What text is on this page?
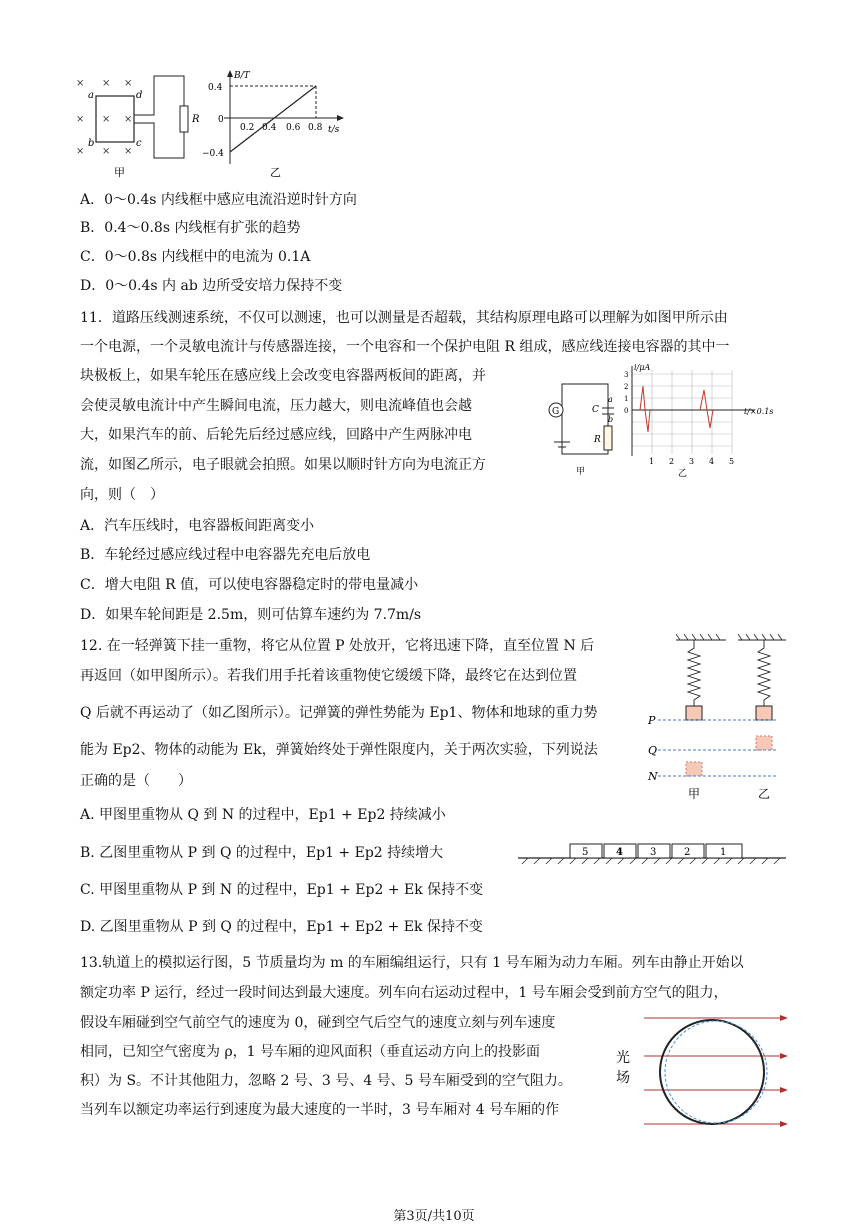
× × ×
× × ×
× × ×
a
b
d
c
R
甲
B/T
t/s
0.4
0
−0.4
0.2 0.4 0.6 0.8
乙
A．0～0.4s 内线框中感应电流沿逆时针方向
B．0.4～0.8s 内线框有扩张的趋势
C．0～0.8s 内线框中的电流为 0.1A
D．0～0.4s 内 ab 边所受安培力保持不变
11．道路压线测速系统，不仅可以测速，也可以测量是否超载，其结构原理电路可以理解为如图甲所示由
一个电源，一个灵敏电流计与传感器连接，一个电容和一个保护电阻 R 组成，感应线连接电容器的其中一
块极板上，如果车轮压在感应线上会改变电容器两板间的距离，并
会使灵敏电流计中产生瞬间电流，压力越大，则电流峰值也会越
大，如果汽车的前、后轮先后经过感应线，回路中产生两脉冲电
流，如图乙所示，电子眼就会拍照。如果以顺时针方向为电流正方
向，则（　）
G	C
a
b
R
甲
i/μA
t/×0.1s
3
2
1
0
1 2 3 4 5
乙
A．汽车压线时，电容器板间距离变小
B．车轮经过感应线过程中电容器先充电后放电
C．增大电阻 R 值，可以使电容器稳定时的带电量减小
D．如果车轮间距是 2.5m，则可估算车速约为 7.7m/s
12. 在一轻弹簧下挂一重物，将它从位置 P 处放开，它将迅速下降，直至位置 N 后
再返回（如甲图所示）。若我们用手托着该重物使它缓缓下降，最终它在达到位置
Q 后就不再运动了（如乙图所示）。记弹簧的弹性势能为 Ep1、物体和地球的重力势
能为 Ep2、物体的动能为 Ek，弹簧始终处于弹性限度内，关于两次实验，下列说法
正确的是（　　）
P
Q
N
甲	乙
A. 甲图里重物从 Q 到 N 的过程中，Ep1 + Ep2 持续减小
B. 乙图里重物从 P 到 Q 的过程中，Ep1 + Ep2 持续增大
C. 甲图里重物从 P 到 N 的过程中，Ep1 + Ep2 + Ek 保持不变
D. 乙图里重物从 P 到 Q 的过程中，Ep1 + Ep2 + Ek 保持不变
5	4	3	2	1
13.轨道上的模拟运行图，5 节质量均为 m 的车厢编组运行，只有 1 号车厢为动力车厢。列车由静止开始以
额定功率 P 运行，经过一段时间达到最大速度。列车向右运动过程中，1 号车厢会受到前方空气的阻力，
假设车厢碰到空气前空气的速度为 0，碰到空气后空气的速度立刻与列车速度
相同，已知空气密度为 ρ，1 号车厢的迎风面积（垂直运动方向上的投影面
积）为 S。不计其他阻力，忽略 2 号、3 号、4 号、5 号车厢受到的空气阻力。
当列车以额定功率运行到速度为最大速度的一半时，3 号车厢对 4 号车厢的作
光
场
第3页/共10页
